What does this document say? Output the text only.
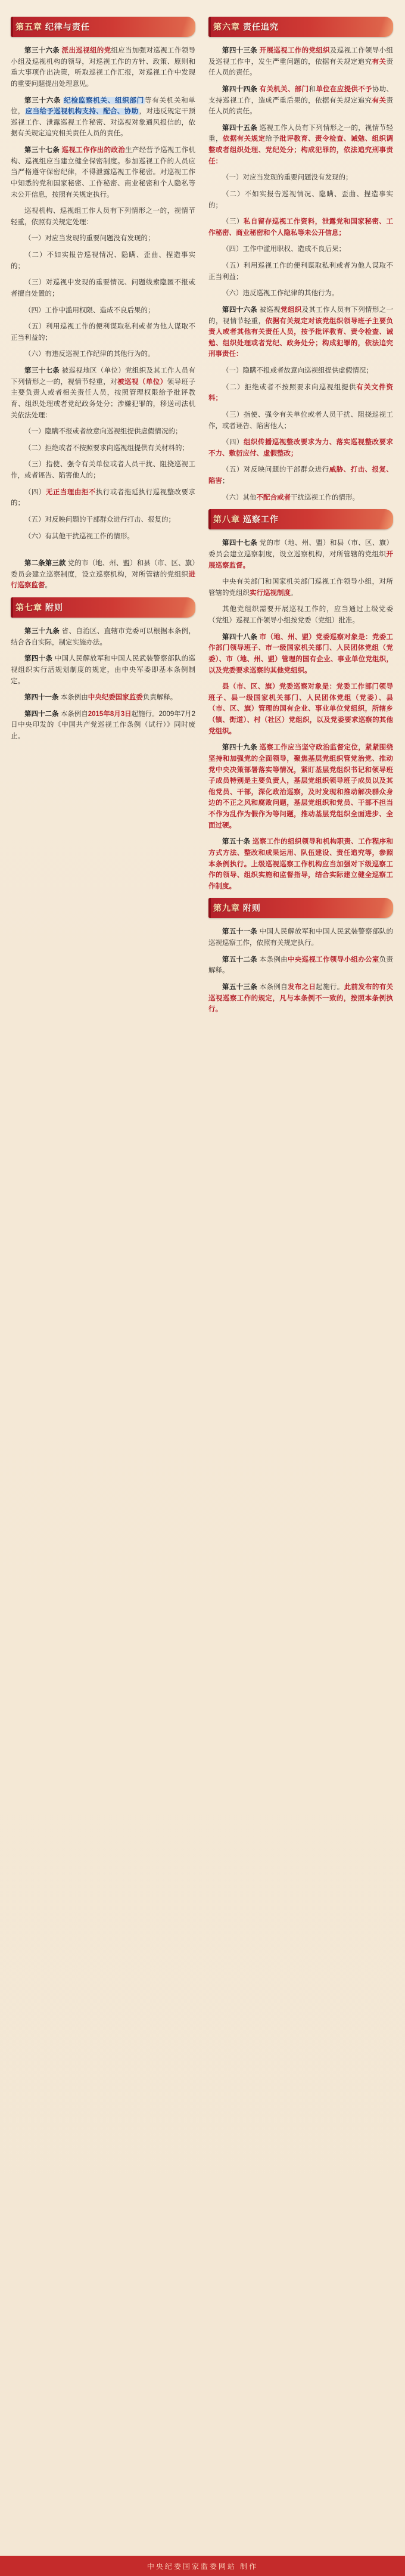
第五章 纪律与责任

第三十六条 派出巡视组的党组应当加强对巡视工作领导小组及巡视机构的领导，对巡视工作的方针、政策、原则和重大事项作出决策，听取巡视工作汇报，对巡视工作中发现的重要问题提出处理意见。

第三十六条 纪检监察机关、组织部门等有关机关和单位，应当给予巡视机构支持、配合、协助，对违反规定干预巡视工作、泄露巡视工作秘密、对巡视对象通风报信的，依据有关规定追究相关责任人员的责任。

第三十七条 巡视工作作出的政治生产经营予巡视工作机构、巡视组应当建立健全保密制度。参加巡视工作的人员应当严格遵守保密纪律，不得泄露巡视工作秘密。对巡视工作中知悉的党和国家秘密、工作秘密、商业秘密和个人隐私等未公开信息，按照有关规定执行。

巡视机构、巡视组工作人员有下列情形之一的，视情节轻重，依照有关规定处理：

（一）对应当发现的重要问题没有发现的；

（二）不如实报告巡视情况、隐瞒、歪曲、捏造事实的；

（三）对巡视中发现的重要情况、问题线索隐匿不报或者擅自处置的；

（四）工作中滥用权限、造成不良后果的；

（五）利用巡视工作的便利谋取私利或者为他人谋取不正当利益的；

（六）有违反巡视工作纪律的其他行为的。

第三十七条 被巡视地区（单位）党组织及其工作人员有下列情形之一的，视情节轻重，对被巡视（单位）领导班子主要负责人或者相关责任人员，按照管理权限给予批评教育、组织处理或者党纪政务处分；涉嫌犯罪的，移送司法机关依法处理：

（一）隐瞒不报或者故意向巡视组提供虚假情况的；

（二）拒绝或者不按照要求向巡视组提供有关材料的；

（三）指使、强令有关单位或者人员干扰、阻挠巡视工作，或者诬告、陷害他人的；

（四）无正当理由拒不执行或者拖延执行巡视整改要求的；

（五）对反映问题的干部群众进行打击、报复的；

（六）有其他干扰巡视工作的情形。

第二条第三款 党的市（地、州、盟）和县（市、区、旗）委员会建立巡察制度，设立巡察机构，对所管辖的党组织进行巡察监督。

第七章 附则

第三十九条 省、自治区、直辖市党委可以根据本条例，结合各自实际，制定实施办法。

第四十条 中国人民解放军和中国人民武装警察部队的巡视组织实行活规划制度的规定，由中央军委即基本条例制定。

第四十一条 本条例由中央纪委国家监委负责解释。

第四十二条 本条例自2015年8月3日起施行。2009年7月2日中央印发的《中国共产党巡视工作条例（试行）》同时废止。

第六章 责任追究

第四十三条 开展巡视工作的党组织及巡视工作领导小组及巡视工作中，发生严重问题的，依据有关规定追究有关责任人员的责任。

第四十四条 有关机关、部门和单位在应提供不予协助、支持巡视工作，造成严重后果的，依据有关规定追究有关责任人员的责任。

第四十五条 巡视工作人员有下列情形之一的，视情节轻重，依据有关规定给予批评教育、责令检查、诫勉、组织调整或者组织处理、党纪处分；构成犯罪的，依法追究刑事责任：

（一）对应当发现的重要问题没有发现的；

（二）不如实报告巡视情况、隐瞒、歪曲、捏造事实的；

（三）私自留存巡视工作资料，泄露党和国家秘密、工作秘密、商业秘密和个人隐私等未公开信息；

（四）工作中滥用职权、造成不良后果；

（五）利用巡视工作的便利谋取私利或者为他人谋取不正当利益；

（六）违反巡视工作纪律的其他行为。

第四十六条 被巡视党组织及其工作人员有下列情形之一的，视情节轻重，依据有关规定对该党组织领导班子主要负责人或者其他有关责任人员，按予批评教育、责令检查、诫勉、组织处理或者党纪、政务处分；构成犯罪的，依法追究刑事责任：

（一）隐瞒不报或者故意向巡视组提供虚假情况；

（二）拒绝或者不按照要求向巡视组提供有关文件资料；

（三）指使、强令有关单位或者人员干扰、阻挠巡视工作，或者诬告、陷害他人；

（四）组织传播巡视整改要求为力、落实巡视整改要求不力、敷衍应付、虚假整改；

（五）对反映问题的干部群众进行威胁、打击、报复、陷害；

（六）其他不配合或者干扰巡视工作的情形。

第八章 巡察工作

第四十七条 党的市（地、州、盟）和县（市、区、旗）委员会建立巡察制度，设立巡察机构，对所管辖的党组织开展巡察监督。

中央有关部门和国家机关部门巡视工作领导小组，对所管辖的党组织实行巡视制度。

其他党组织需要开展巡视工作的，应当通过上级党委（党组）巡视工作领导小组按党委（党组）批准。

第四十八条 市（地、州、盟）党委巡察对象是：党委工作部门领导班子、市一级国家机关部门、人民团体党组（党委）、市（地、州、盟）管理的国有企业、事业单位党组织，以及党委要求巡察的其他党组织。

县（市、区、旗）党委巡察对象是：党委工作部门领导班子、县一级国家机关部门、人民团体党组（党委）、县（市、区、旗）管理的国有企业、事业单位党组织，所辖乡（镇、街道）、村（社区）党组织，以及党委要求巡察的其他党组织。

第四十九条 巡察工作应当坚守政治监督定位，紧紧围绕坚持和加强党的全面领导，聚焦基层党组织管党治党、推动党中央决策部署落实等情况，紧盯基层党组织书记和领导班子成员特别是主要负责人，基层党组织领导班子成员以及其他党员、干部，深化政治巡察，及时发现和推动解决群众身边的不正之风和腐败问题，基层党组织和党员、干部不担当不作为乱作为假作为等问题，推动基层党组织全面进步、全面过硬。

第五十条 巡察工作的组织领导和机构职责、工作程序和方式方法、整改和成果运用、队伍建设、责任追究等，参照本条例执行。上级巡视巡察工作机构应当加强对下级巡察工作的领导、组织实施和监督指导，结合实际建立健全巡察工作制度。

第九章 附则

第五十一条 中国人民解放军和中国人民武装警察部队的巡视巡察工作，依照有关规定执行。

第五十二条 本条例由中央巡视工作领导小组办公室负责解释。

第五十三条 本条例自发布之日起施行。此前发布的有关巡视巡察工作的规定，凡与本条例不一致的，按照本条例执行。

中央纪委国家监委网站 制作
